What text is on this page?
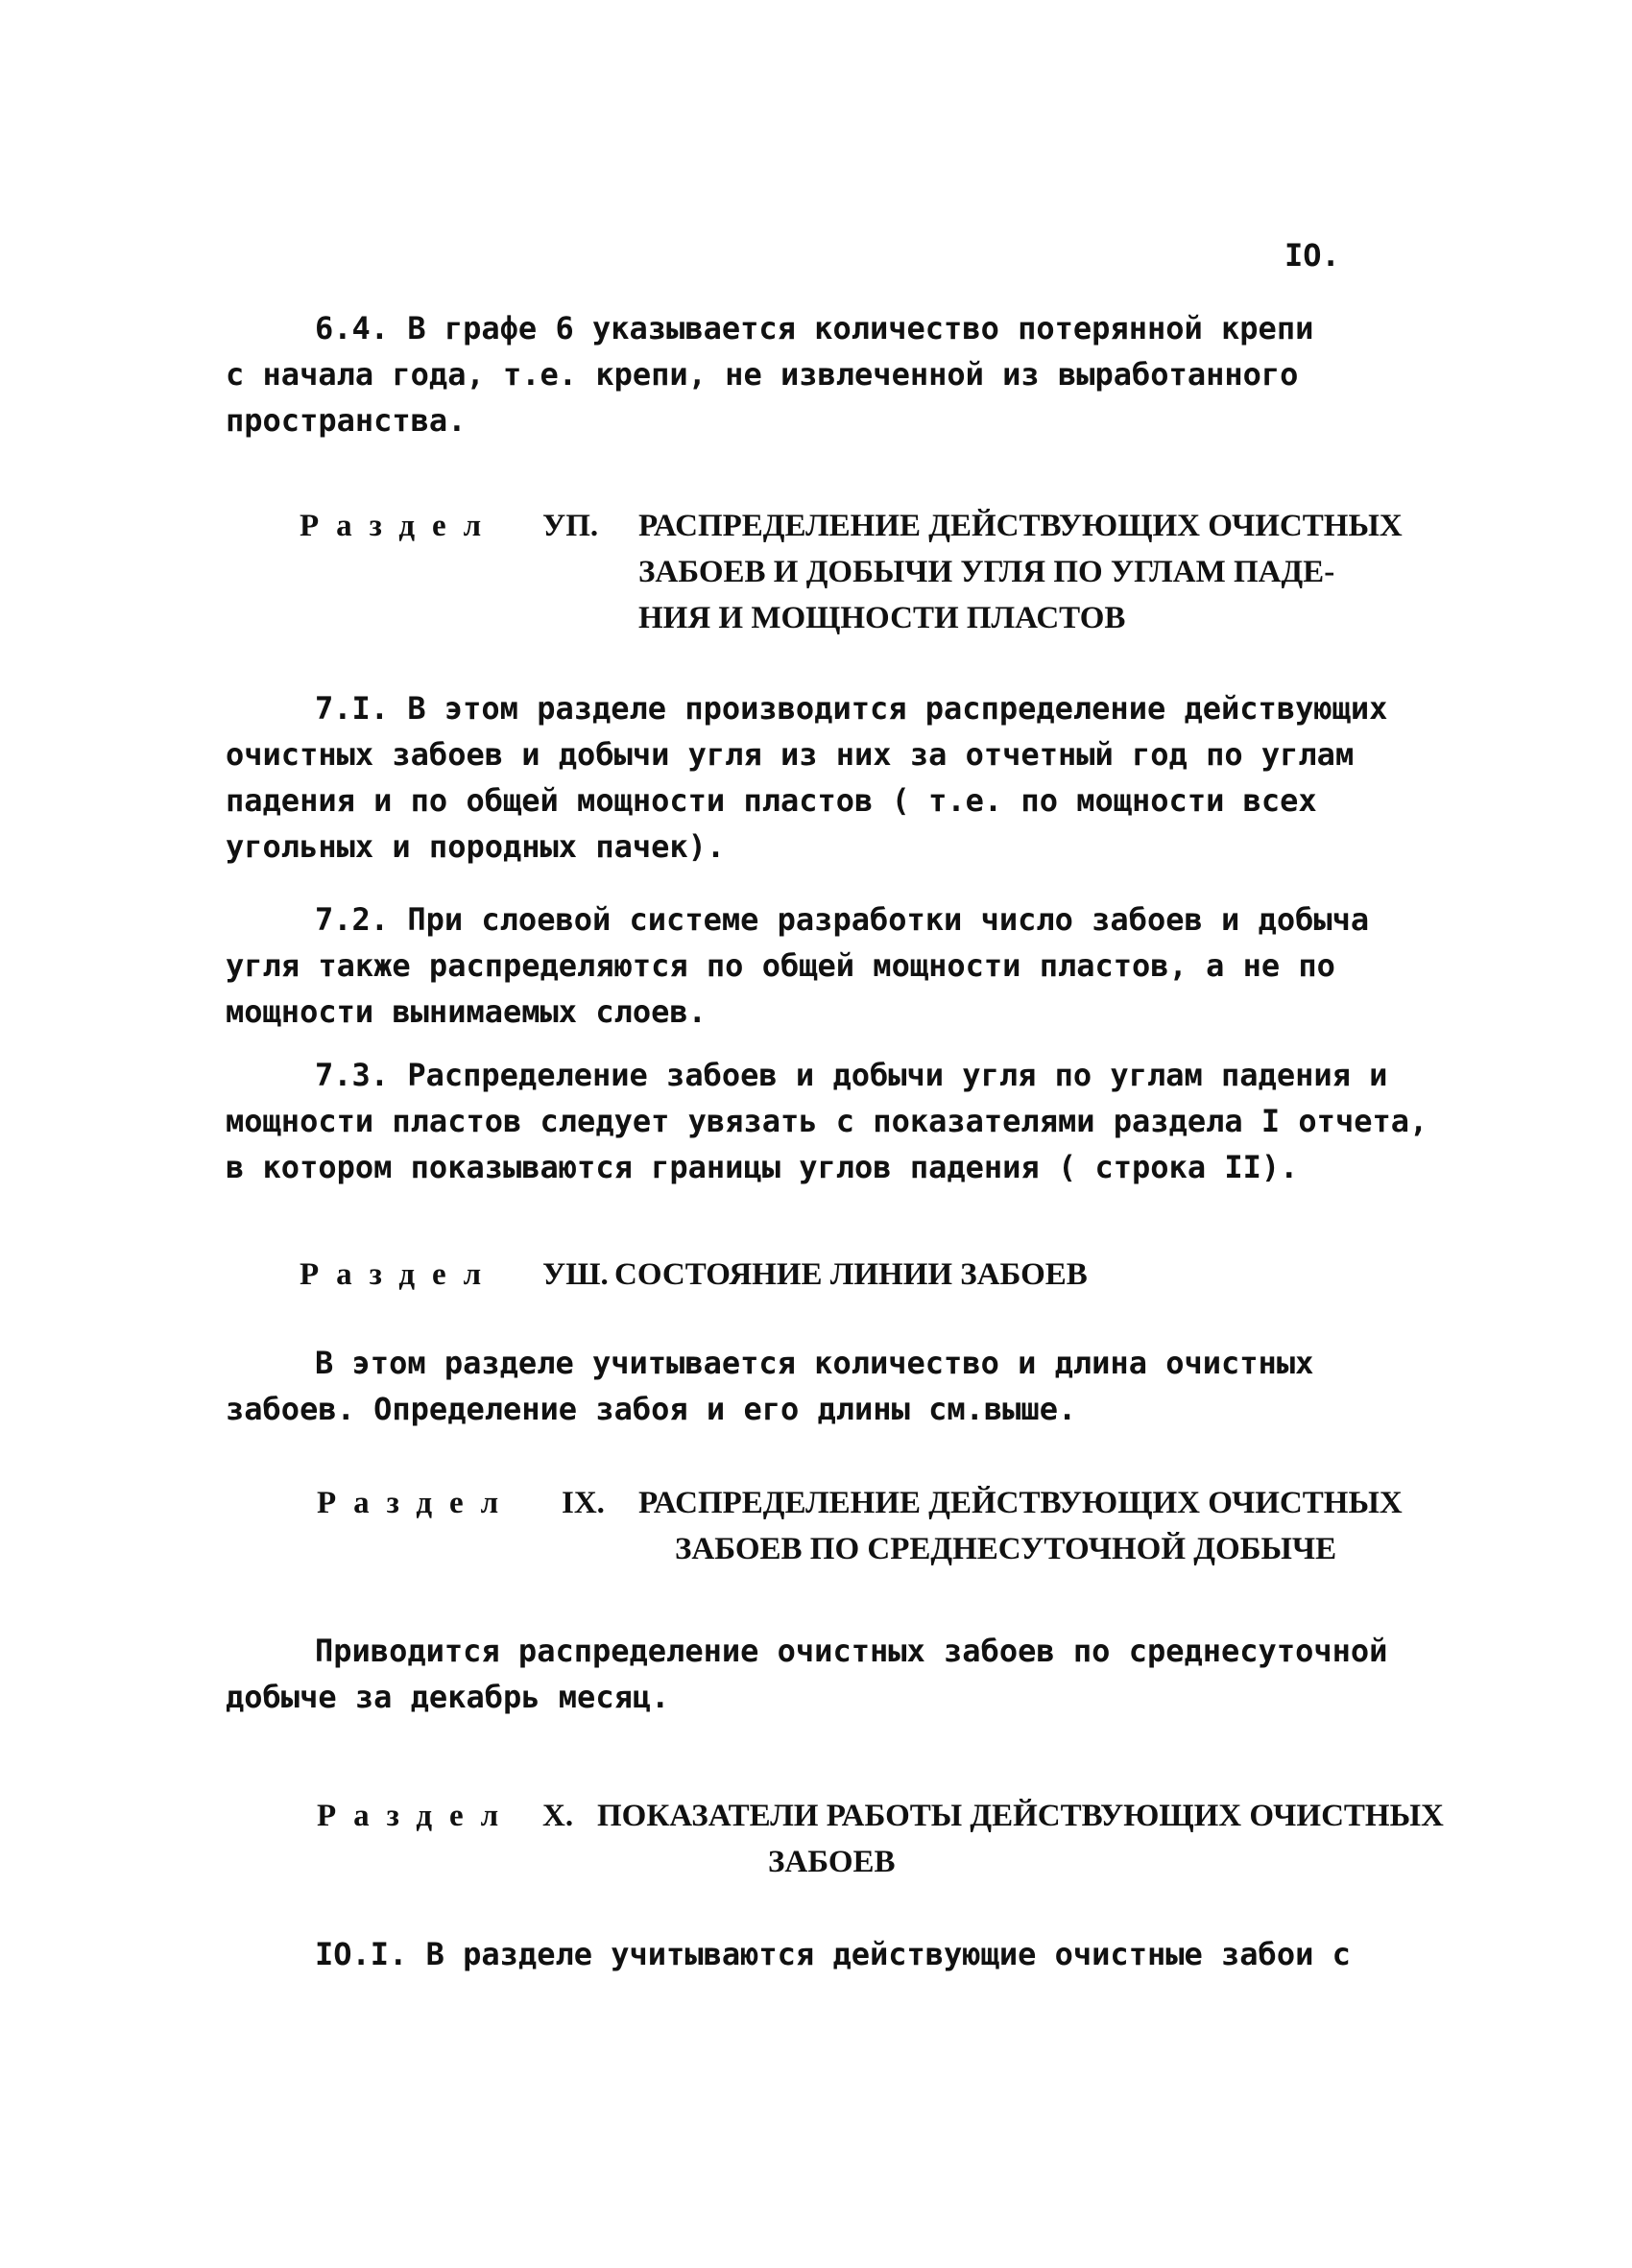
IO.
6.4. В графе 6 указывается количество потерянной крепи
с начала года, т.е. крепи, не извлеченной из выработанного
пространства.
Раздел УП. РАСПРЕДЕЛЕНИЕ ДЕЙСТВУЮЩИХ ОЧИСТНЫХ
ЗАБОЕВ И ДОБЫЧИ УГЛЯ ПО УГЛАМ ПАДЕ-
НИЯ И МОЩНОСТИ ПЛАСТОВ
7.I. В этом разделе производится распределение действующих
очистных забоев и добычи угля из них за отчетный год по углам
падения и по общей мощности пластов ( т.е. по мощности всех
угольных и породных пачек).
7.2. При слоевой системе разработки число забоев и добыча
угля также распределяются по общей мощности пластов, а не по
мощности вынимаемых слоев.
7.3. Распределение забоев и добычи угля по углам падения и
мощности пластов следует увязать с показателями раздела I отчета,
в котором показываются границы углов падения ( строка II).
Раздел УШ. СОСТОЯНИЕ ЛИНИИ ЗАБОЕВ
В этом разделе учитывается количество и длина очистных
забоев. Определение забоя и его длины см.выше.
Раздел IX. РАСПРЕДЕЛЕНИЕ ДЕЙСТВУЮЩИХ ОЧИСТНЫХ
ЗАБОЕВ ПО СРЕДНЕСУТОЧНОЙ ДОБЫЧЕ
Приводится распределение очистных забоев по среднесуточной
добыче за декабрь месяц.
Раздел X. ПОКАЗАТЕЛИ РАБОТЫ ДЕЙСТВУЮЩИХ ОЧИСТНЫХ
ЗАБОЕВ
IO.I. В разделе учитываются действующие очистные забои с
